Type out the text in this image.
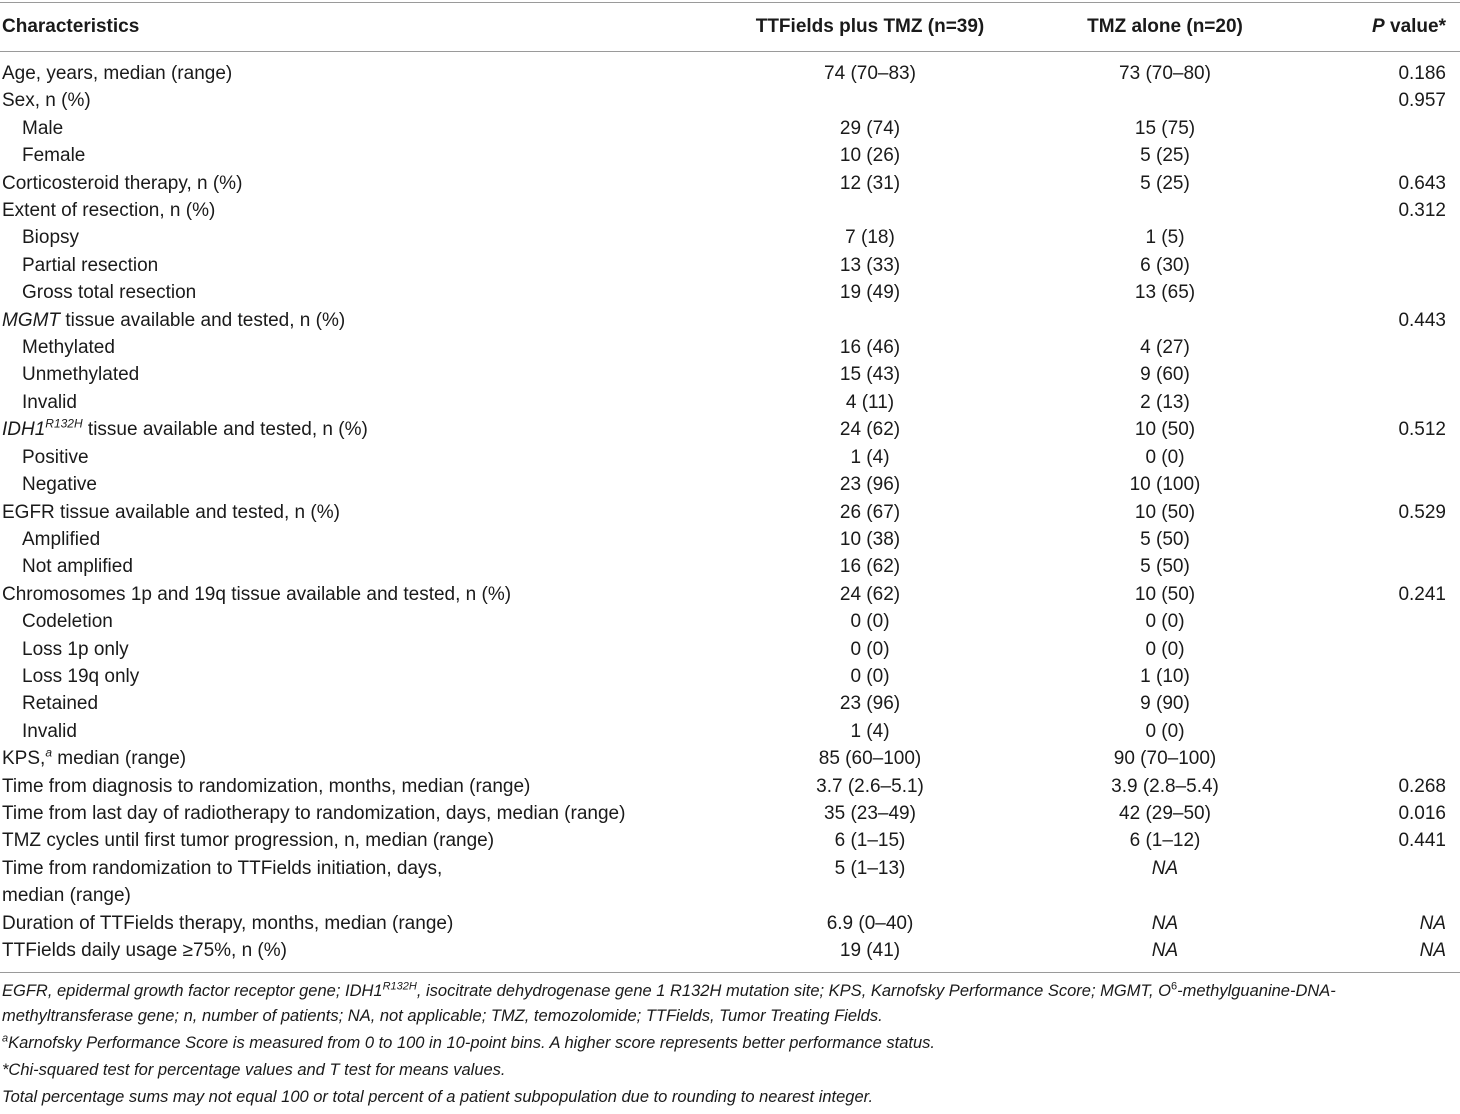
Characteristics	TTFields plus TMZ (n=39)	TMZ alone (n=20)	P value*
Age, years, median (range)	74 (70–83)	73 (70–80)	0.186
Sex, n (%)			0.957
Male	29 (74)	15 (75)	
Female	10 (26)	5 (25)	
Corticosteroid therapy, n (%)	12 (31)	5 (25)	0.643
Extent of resection, n (%)			0.312
Biopsy	7 (18)	1 (5)	
Partial resection	13 (33)	6 (30)	
Gross total resection	19 (49)	13 (65)	
MGMT tissue available and tested, n (%)			0.443
Methylated	16 (46)	4 (27)	
Unmethylated	15 (43)	9 (60)	
Invalid	4 (11)	2 (13)	
$IDH1^{R132H}$ tissue available and tested, n (%)	24 (62)	10 (50)	0.512
Positive	1 (4)	0 (0)	
Negative	23 (96)	10 (100)	
EGFR tissue available and tested, n (%)	26 (67)	10 (50)	0.529
Amplified	10 (38)	5 (50)	
Not amplified	16 (62)	5 (50)	
Chromosomes 1p and 19q tissue available and tested, n (%)	24 (62)	10 (50)	0.241
Codeletion	0 (0)	0 (0)	
Loss 1p only	0 (0)	0 (0)	
Loss 19q only	0 (0)	1 (10)	
Retained	23 (96)	9 (90)	
Invalid	1 (4)	0 (0)	
KPS,$^a$ median (range)	85 (60–100)	90 (70–100)	
Time from diagnosis to randomization, months, median (range)	3.7 (2.6–5.1)	3.9 (2.8–5.4)	0.268
Time from last day of radiotherapy to randomization, days, median (range)	35 (23–49)	42 (29–50)	0.016
TMZ cycles until first tumor progression, n, median (range)	6 (1–15)	6 (1–12)	0.441
Time from randomization to TTFields initiation, days, median (range)	5 (1–13)	NA	
Duration of TTFields therapy, months, median (range)	6.9 (0–40)	NA	NA
TTFields daily usage ≥75%, n (%)	19 (41)	NA	NA

EGFR, epidermal growth factor receptor gene; $IDH1^{R132H}$, isocitrate dehydrogenase gene 1 R132H mutation site; KPS, Karnofsky Performance Score; MGMT, $O^6-methylguanine-DNA$-methyltransferase gene; n, number of patients; NA, not applicable; TMZ, temozolomide; TTFields, Tumor Treating Fields.

$^a$Karnofsky Performance Score is measured from 0 to 100 in 10-point bins. A higher score represents better performance status.

*Chi-squared test for percentage values and T test for means values.

Total percentage sums may not equal 100 or total percent of a patient subpopulation due to rounding to nearest integer.
